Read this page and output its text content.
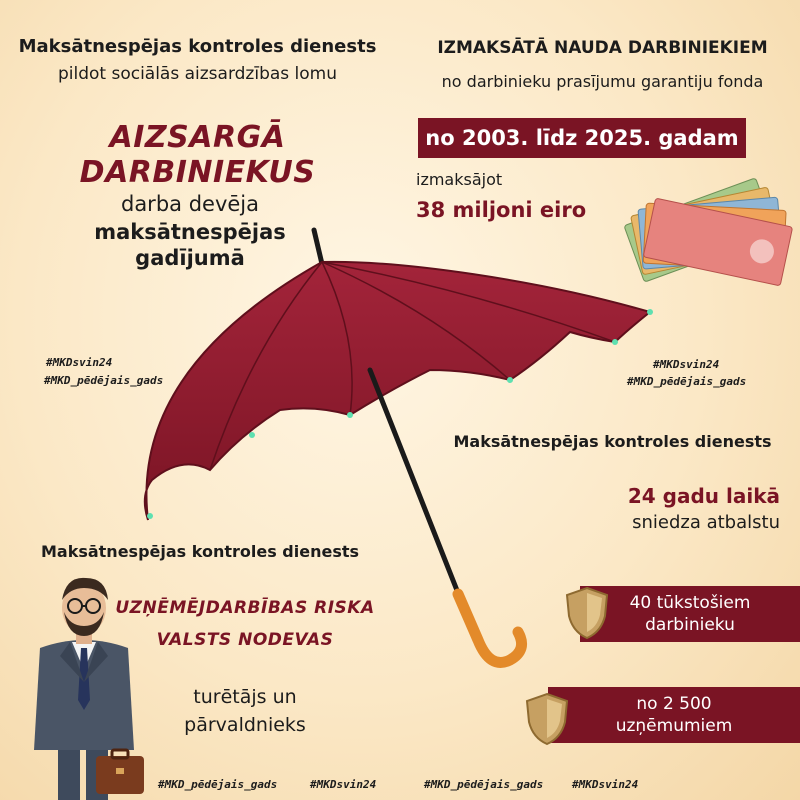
Maksātnespējas kontroles dienests
pildot sociālās aizsardzības lomu
AIZSARGĀ DARBINIEKUS
darba devēja
maksātnespējas
gadījumā
IZMAKSĀTĀ NAUDA DARBINIEKIEM
no darbinieku prasījumu garantiju fonda
no 2003. līdz 2025. gadam
izmaksājot
38 miljoni eiro
#MKDsvin24
#MKD_pēdējais_gads
#MKDsvin24
#MKD_pēdējais_gads
Maksātnespējas kontroles dienests
24 gadu laikā
sniedza atbalstu
40 tūkstošiem
darbinieku
no 2 500
uzņēmumiem
Maksātnespējas kontroles dienests
UZŅĒMĒJDARBĪBAS RISKA
VALSTS NODEVAS
turētājs un
pārvaldnieks
#MKD_pēdējais_gads	#MKDsvin24	#MKD_pēdējais_gads	#MKDsvin24
